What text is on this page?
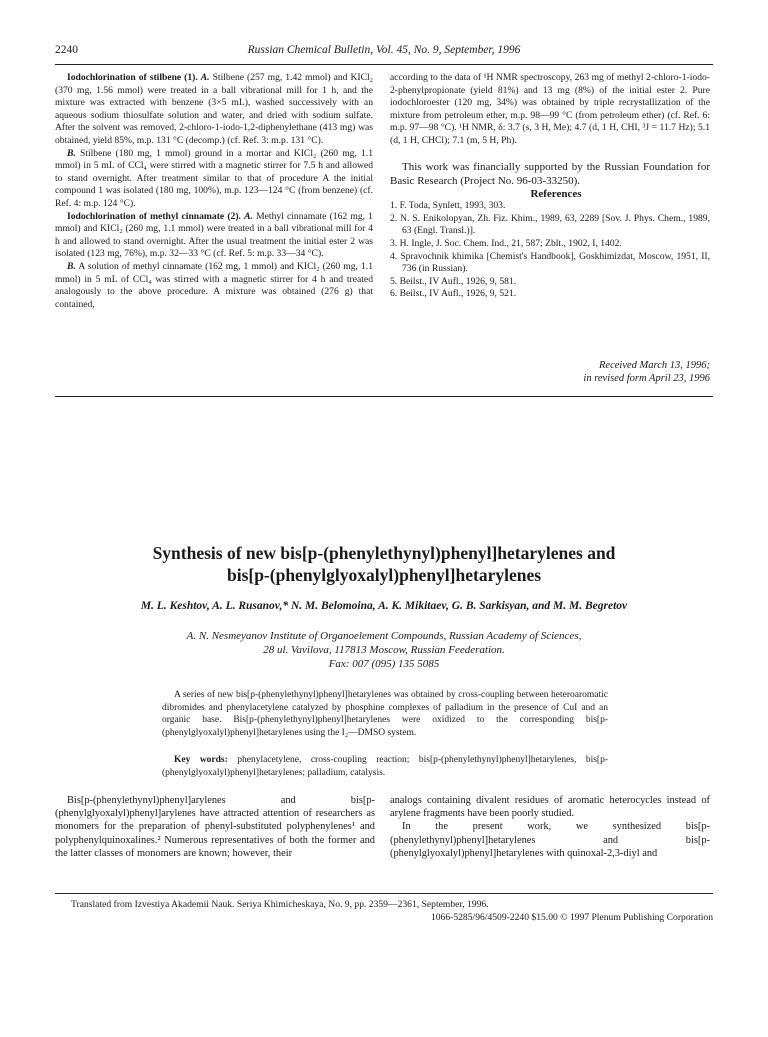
2240	Russian Chemical Bulletin, Vol. 45, No. 9, September, 1996

Iodochlorination of stilbene (1). A. Stilbene (257 mg, 1.42 mmol) and KICl₂ (370 mg, 1.56 mmol) were treated in a ball vibrational mill for 1 h, and the mixture was extracted with benzene (3×5 mL), washed successively with an aqueous sodium thiosulfate solution and water, and dried with sodium sulfate. After the solvent was removed, 2-chloro-1-iodo-1,2-diphenylethane (413 mg) was obtained, yield 85%, m.p. 131 °C (decomp.) (cf. Ref. 3: m.p. 131 °C).

B. Stilbene (180 mg, 1 mmol) ground in a mortar and KICl₂ (260 mg, 1.1 mmol) in 5 mL of CCl₄ were stirred with a magnetic stirrer for 7.5 h and allowed to stand overnight. After treatment similar to that of procedure A the initial compound 1 was isolated (180 mg, 100%), m.p. 123—124 °C (from benzene) (cf. Ref. 4: m.p. 124 °C).

Iodochlorination of methyl cinnamate (2). A. Methyl cinnamate (162 mg, 1 mmol) and KICl₂ (260 mg, 1.1 mmol) were treated in a ball vibrational mill for 4 h and allowed to stand overnight. After the usual treatment the initial ester 2 was isolated (123 mg, 76%), m.p. 32—33 °C (cf. Ref. 5: m.p. 33—34 °C).

B. A solution of methyl cinnamate (162 mg, 1 mmol) and KICl₂ (260 mg, 1.1 mmol) in 5 mL of CCl₄ was stirred with a magnetic stirrer for 4 h and treated analogously to the above procedure. A mixture was obtained (276 g) that contained,

according to the data of ¹H NMR spectroscopy, 263 mg of methyl 2-chloro-1-iodo-2-phenylpropionate (yield 81%) and 13 mg (8%) of the initial ester 2. Pure iodochloroester (120 mg, 34%) was obtained by triple recrystallization of the mixture from petroleum ether, m.p. 98—99 °C (from petroleum ether) (cf. Ref. 6: m.p. 97—98 °C). ¹H NMR, δ: 3.7 (s, 3 H, Me); 4.7 (d, 1 H, CHI, ³J = 11.7 Hz); 5.1 (d, 1 H, CHCl); 7.1 (m, 5 H, Ph).

This work was financially supported by the Russian Foundation for Basic Research (Project No. 96-03-33250).

References

1. F. Toda, Synlett, 1993, 303.
2. N. S. Enikolopyan, Zh. Fiz. Khim., 1989, 63, 2289 [Sov. J. Phys. Chem., 1989, 63 (Engl. Transl.)].
3. H. Ingle, J. Soc. Chem. Ind., 21, 587; Zblt., 1902, I, 1402.
4. Spravochnik khimika [Chemist's Handbook], Goskhimizdat, Moscow, 1951, II, 736 (in Russian).
5. Beilst., IV Aufl., 1926, 9, 581.
6. Beilst., IV Aufl., 1926, 9, 521.
Received March 13, 1996;
in revised form April 23, 1996
Synthesis of new bis[p-(phenylethynyl)phenyl]hetarylenes and
bis[p-(phenylglyoxalyl)phenyl]hetarylenes
M. L. Keshtov, A. L. Rusanov,* N. M. Belomoina, A. K. Mikitaev, G. B. Sarkisyan, and M. M. Begretov
A. N. Nesmeyanov Institute of Organoelement Compounds, Russian Academy of Sciences,
28 ul. Vavilova, 117813 Moscow, Russian Feederation.
Fax: 007 (095) 135 5085
A series of new bis[p-(phenylethynyl)phenyl]hetarylenes was obtained by cross-coupling between heteroaromatic dibromides and phenylacetylene catalyzed by phosphine complexes of palladium in the presence of CuI and an organic base. Bis[p-(phenylethynyl)phenyl]hetarylenes were oxidized to the corresponding bis[p-(phenylglyoxalyl)phenyl]hetarylenes using the I₂—DMSO system.
Key words: phenylacetylene, cross-coupling reaction; bis[p-(phenylethynyl)phenyl]hetarylenes, bis[p-(phenylglyoxalyl)phenyl]hetarylenes; palladium, catalysis.

Bis[p-(phenylethynyl)phenyl]arylenes and bis[p-(phenylglyoxalyl)phenyl]arylenes have attracted attention of researchers as monomers for the preparation of phenyl-substituted polyphenylenes¹ and polyphenylquinoxalines.² Numerous representatives of both the former and the latter classes of monomers are known; however, their

analogs containing divalent residues of aromatic heterocycles instead of arylene fragments have been poorly studied.

In the present work, we synthesized bis[p-(phenylethynyl)phenyl]hetarylenes and bis[p-(phenylglyoxalyl)phenyl]hetarylenes with quinoxal-2,3-diyl and

Translated from Izvestiya Akademii Nauk. Seriya Khimicheskaya, No. 9, pp. 2359—2361, September, 1996.
1066-5285/96/4509-2240 $15.00 © 1997 Plenum Publishing Corporation
